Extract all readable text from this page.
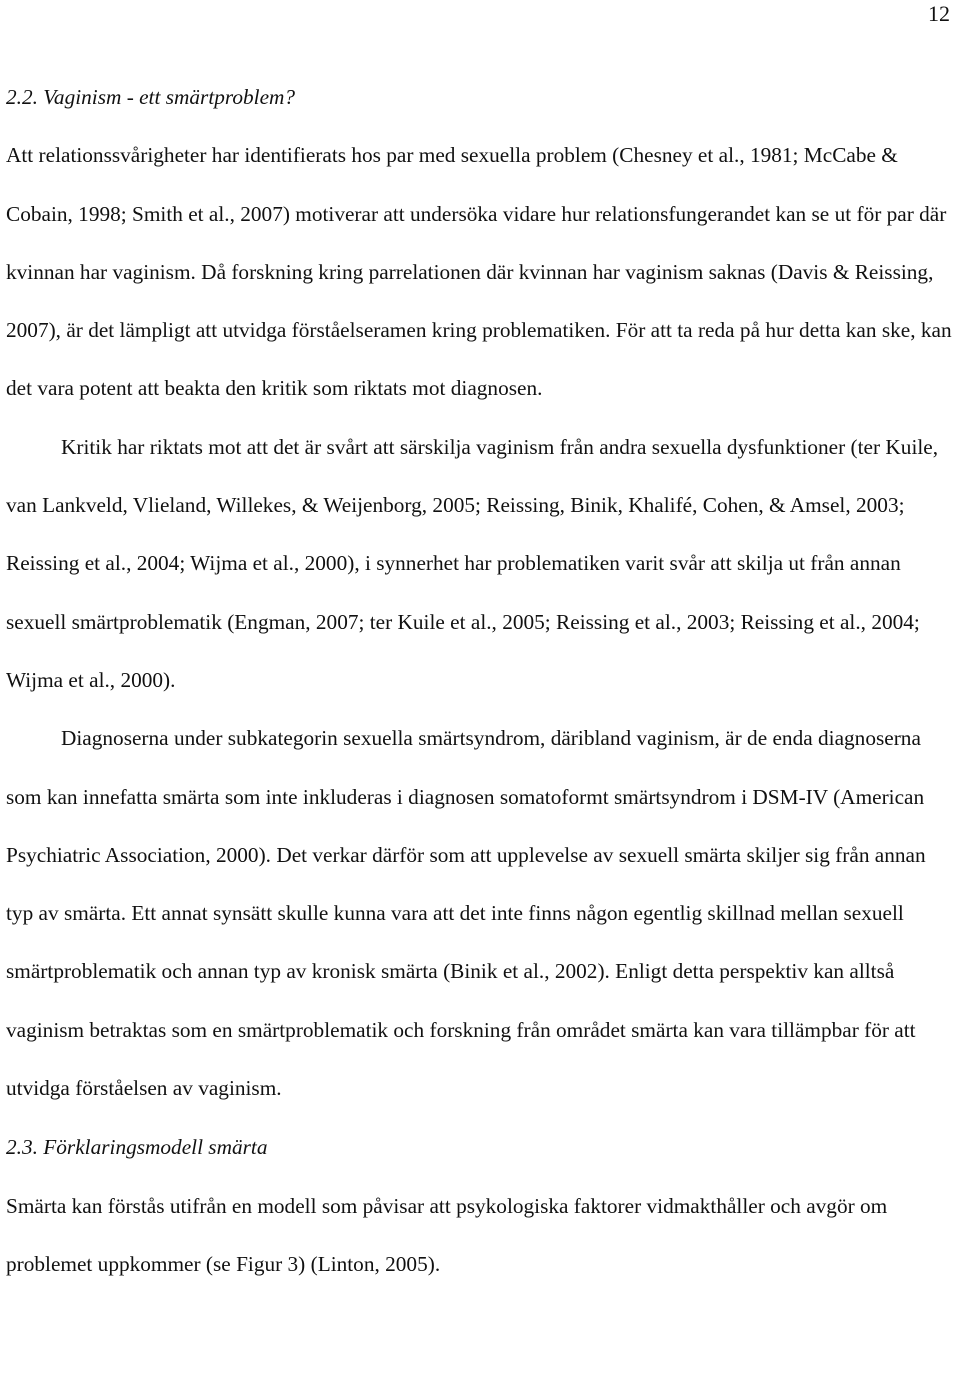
12

2.2. Vaginism - ett smärtproblem?

Att relationssvårigheter har identifierats hos par med sexuella problem (Chesney et al., 1981; McCabe & Cobain, 1998; Smith et al., 2007) motiverar att undersöka vidare hur relationsfungerandet kan se ut för par där kvinnan har vaginism. Då forskning kring parrelationen där kvinnan har vaginism saknas (Davis & Reissing, 2007), är det lämpligt att utvidga förståelseramen kring problematiken. För att ta reda på hur detta kan ske, kan det vara potent att beakta den kritik som riktats mot diagnosen.

Kritik har riktats mot att det är svårt att särskilja vaginism från andra sexuella dysfunktioner (ter Kuile, van Lankveld, Vlieland, Willekes, & Weijenborg, 2005; Reissing, Binik, Khalifé, Cohen, & Amsel, 2003; Reissing et al., 2004; Wijma et al., 2000), i synnerhet har problematiken varit svår att skilja ut från annan sexuell smärtproblematik (Engman, 2007; ter Kuile et al., 2005; Reissing et al., 2003; Reissing et al., 2004; Wijma et al., 2000).

Diagnoserna under subkategorin sexuella smärtsyndrom, däribland vaginism, är de enda diagnoserna som kan innefatta smärta som inte inkluderas i diagnosen somatoformt smärtsyndrom i DSM-IV (American Psychiatric Association, 2000). Det verkar därför som att upplevelse av sexuell smärta skiljer sig från annan typ av smärta. Ett annat synsätt skulle kunna vara att det inte finns någon egentlig skillnad mellan sexuell smärtproblematik och annan typ av kronisk smärta (Binik et al., 2002). Enligt detta perspektiv kan alltså vaginism betraktas som en smärtproblematik och forskning från området smärta kan vara tillämpbar för att utvidga förståelsen av vaginism.

2.3. Förklaringsmodell smärta

Smärta kan förstås utifrån en modell som påvisar att psykologiska faktorer vidmakthåller och avgör om problemet uppkommer (se Figur 3) (Linton, 2005).
